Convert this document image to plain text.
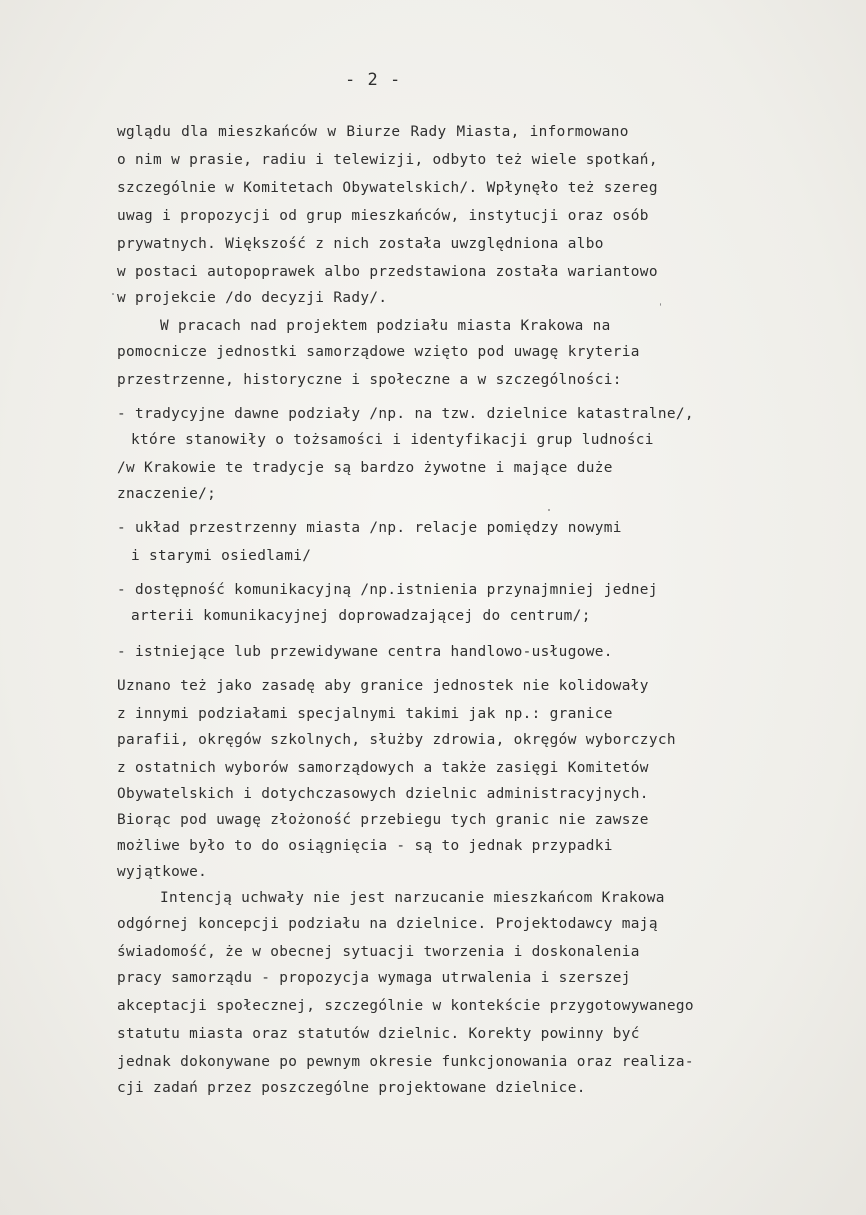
- 2 -
wglądu dla mieszkańców w Biurze Rady Miasta, informowano
o nim w prasie, radiu i telewizji, odbyto też wiele spotkań,
szczególnie w Komitetach Obywatelskich/. Wpłynęło też szereg
uwag i propozycji od grup mieszkańców, instytucji oraz osób
prywatnych. Większość z nich została uwzględniona albo
w postaci autopoprawek albo przedstawiona została wariantowo
w projekcie /do decyzji Rady/.
W pracach nad projektem podziału miasta Krakowa na
pomocnicze jednostki samorządowe wzięto pod uwagę kryteria
przestrzenne, historyczne i społeczne a w szczególności:
- tradycyjne dawne podziały /np. na tzw. dzielnice katastralne/,
które stanowiły o tożsamości i identyfikacji grup ludności
/w Krakowie te tradycje są bardzo żywotne i mające duże
znaczenie/;
- układ przestrzenny miasta /np. relacje pomiędzy nowymi
i starymi osiedlami/
- dostępność komunikacyjną /np.istnienia przynajmniej jednej
arterii komunikacyjnej doprowadzającej do centrum/;
- istniejące lub przewidywane centra handlowo-usługowe.
Uznano też jako zasadę aby granice jednostek nie kolidowały
z innymi podziałami specjalnymi takimi jak np.: granice
parafii, okręgów szkolnych, służby zdrowia, okręgów wyborczych
z ostatnich wyborów samorządowych a także zasięgi Komitetów
Obywatelskich i dotychczasowych dzielnic administracyjnych.
Biorąc pod uwagę złożoność przebiegu tych granic nie zawsze
możliwe było to do osiągnięcia - są to jednak przypadki
wyjątkowe.
Intencją uchwały nie jest narzucanie mieszkańcom Krakowa
odgórnej koncepcji podziału na dzielnice. Projektodawcy mają
świadomość, że w obecnej sytuacji tworzenia i doskonalenia
pracy samorządu - propozycja wymaga utrwalenia i szerszej
akceptacji społecznej, szczególnie w kontekście przygotowywanego
statutu miasta oraz statutów dzielnic. Korekty powinny być
jednak dokonywane po pewnym okresie funkcjonowania oraz realiza-
cji zadań przez poszczególne projektowane dzielnice.
